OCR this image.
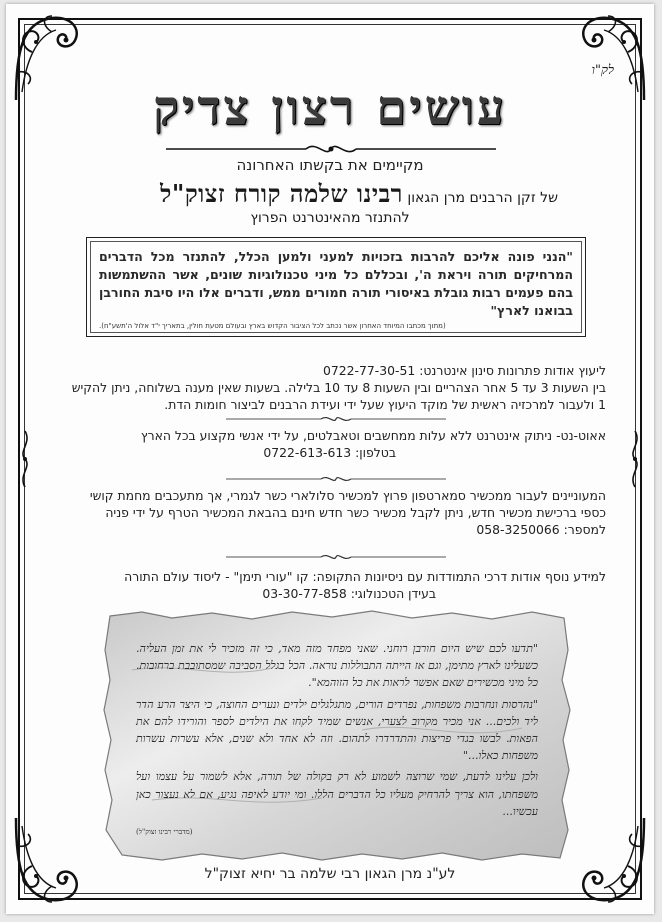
לק"ו
עושים רצון צדיק
מקיימים את בקשתו האחרונה
של זקן הרבנים מרן הגאון רבינו שלמה קורח זצוק"ל
להתנזר מהאינטרנט הפרוץ
"הנני פונה אליכם להרבות בזכויות למעני ולמען הכלל, להתנזר מכל הדברים המרחיקים תורה ויראת ה', ובכללם כל מיני טכנולוגיות שונים, אשר ההשתמשות בהם פעמים רבות גובלת באיסורי תורה חמורים ממש, ודברים אלו היו סיבת החורבן בבואנו לארץ"
(מתוך מכתבו המיוחד האחרון אשר נכתב לכל הציבור הקדוש בארץ ובעולם מטעת חולין, בתאריך י"ד אלול ה'תשע"ח).
ליעוץ אודות פתרונות סינון אינטרנט: 0722-77-30-51
בין השעות 3 עד 5 אחר הצהריים ובין השעות 8 עד 10 בלילה. בשעות שאין מענה בשלוחה, ניתן להקיש 1 ולעבור למרכזיה ראשית של מוקד היעוץ שעל ידי ועידת הרבנים לביצור חומות הדת.
אאוט-נט- ניתוק אינטרנט ללא עלות ממחשבים וטאבלטים, על ידי אנשי מקצוע בכל הארץ
בטלפון: 0722-613-613
המעוניינים לעבור ממכשיר סמארטפון פרוץ למכשיר סלולארי כשר לגמרי, אך מתעכבים מחמת קושי כספי ברכישת מכשיר חדש, ניתן לקבל מכשיר כשר חדש חינם בהבאת המכשיר הטרף על ידי פניה למספר: 058-3250066
למידע נוסף אודות דרכי התמודדות עם ניסיונות התקופה: קו "עורי תימן" - ליסוד עולם התורה
בעידן הטכנולוגי: 03-30-77-858

"תדעו לכם שיש היום חורבן רוחני. שאני מפחד מזה מאד, כי זה מזכיר לי את זמן העליה. כשעלינו לארץ מתימן, וגם אז הייתה התבוללות נוראה. הכל בגלל הסביבה שמסתובבת ברחובות. כל מיני מכשירים שאם אפשר לראות את כל הזוהמא".

"נהרסות ונחרבות משפחות, נפרדים הורים, מתגלגלים ילדים ונערים החוצה, כי היצר הרע הדר ליד ולכים... אני מכיר מקרוב לצערי, אנשים שמיד לקחו את הילדים לספר והורידו להם את הפאות. לבשו בגדי פריצות והתדרדרו לתהום. וזה לא אחד ולא שנים, אלא עשרות עשרות משפחות כאלו..."

ולכן עלינו לדעת, שמי שרוצה לשמוע לא רק בקולה של תורה, אלא לשמור על עצמו ועל משפחתו, הוא צריך להרחיק מעליו כל הדברים הללו. ומי יודע לאיפה נגיע, אם לא נעצור כאן עכשיו...

(מדברי רבינו זצוק"ל)
לע"נ מרן הגאון רבי שלמה בר יחיא זצוק"ל
